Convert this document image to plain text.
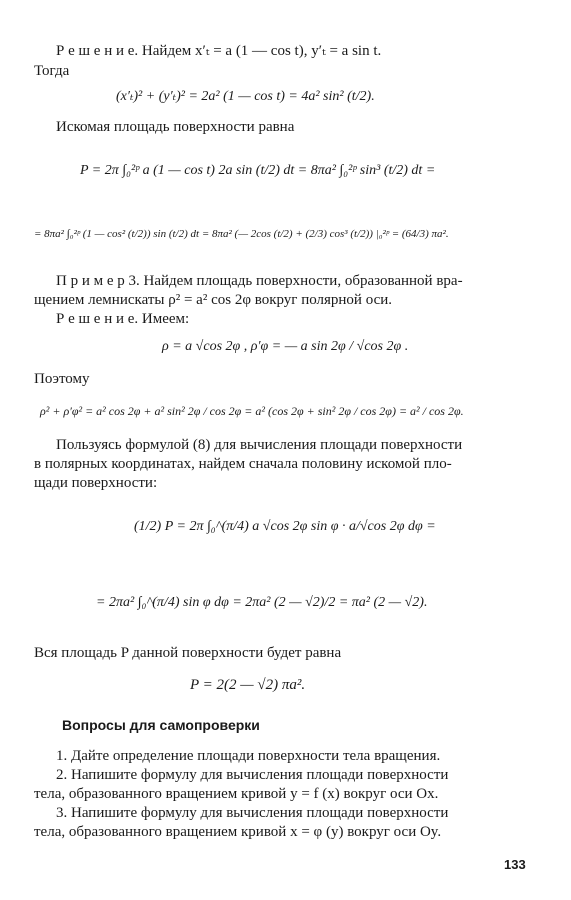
Р е ш е н и е. Найдем x′ₜ = a (1 — cos t), y′ₜ = a sin t.
Тогда
(x′ₜ)² + (y′ₜ)² = 2a² (1 — cos t) = 4a² sin² (t/2).
Искомая площадь поверхности равна
P = 2π ∫₀²ᵖ a (1 — cos t) 2a sin (t/2) dt = 8πa² ∫₀²ᵖ sin³ (t/2) dt =
= 8πa² ∫₀²ᵖ (1 — cos² (t/2)) sin (t/2) dt = 8πa² (— 2cos (t/2) + (2/3) cos³ (t/2)) |₀²ᵖ = (64/3) πa².
П р и м е р 3. Найдем площадь поверхности, образованной вра-
щением лемнискаты ρ² = a² cos 2φ вокруг полярной оси.
Р е ш е н и е. Имеем:
ρ = a √cos 2φ , ρ′φ = — a sin 2φ / √cos 2φ .
Поэтому
ρ² + ρ′φ² = a² cos 2φ + a² sin² 2φ / cos 2φ = a² (cos 2φ + sin² 2φ / cos 2φ) = a² / cos 2φ.
Пользуясь формулой (8) для вычисления площади поверхности
в полярных координатах, найдем сначала половину искомой пло-
щади поверхности:
(1/2) P = 2π ∫₀^(π/4) a √cos 2φ sin φ · a/√cos 2φ dφ =
= 2πa² ∫₀^(π/4) sin φ dφ = 2πa² (2 — √2)/2 = πa² (2 — √2).
Вся площадь P данной поверхности будет равна
P = 2(2 — √2) πa².
Вопросы для самопроверки
1. Дайте определение площади поверхности тела вращения.
2. Напишите формулу для вычисления площади поверхности
тела, образованного вращением кривой y = f (x) вокруг оси Ox.
3. Напишите формулу для вычисления площади поверхности
тела, образованного вращением кривой x = φ (y) вокруг оси Oy.
133
